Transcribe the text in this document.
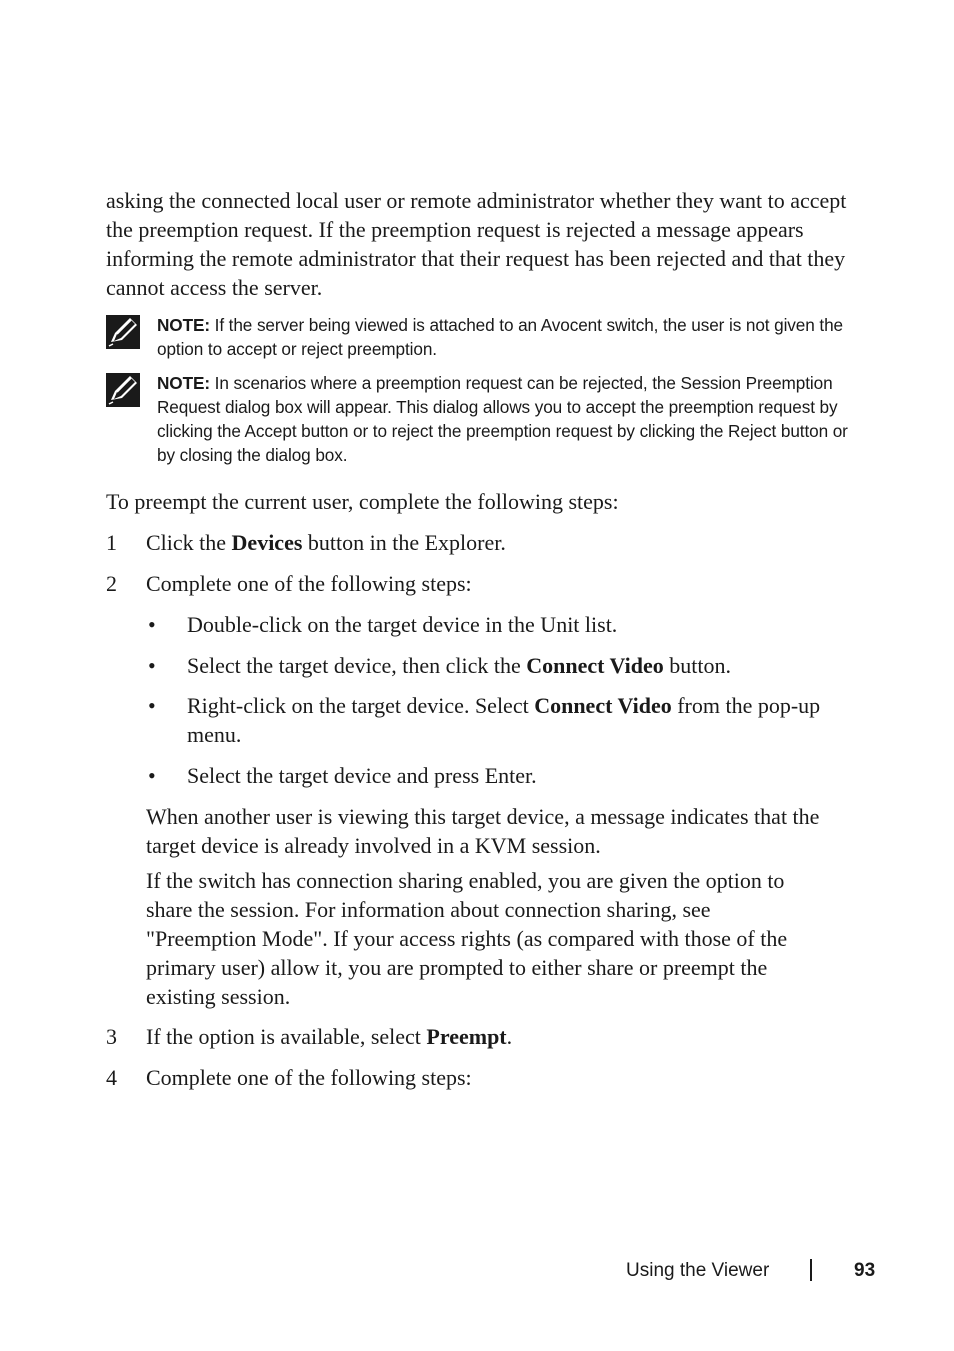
asking the connected local user or remote administrator whether they want to accept the preemption request. If the preemption request is rejected a message appears informing the remote administrator that their request has been rejected and that they cannot access the server.

NOTE: If the server being viewed is attached to an Avocent switch, the user is not given the option to accept or reject preemption.

NOTE: In scenarios where a preemption request can be rejected, the Session Preemption Request dialog box will appear. This dialog allows you to accept the preemption request by clicking the Accept button or to reject the preemption request by clicking the Reject button or by closing the dialog box.

To preempt the current user, complete the following steps:

1 Click the Devices button in the Explorer.
2 Complete one of the following steps:
• Double-click on the target device in the Unit list.

• Select the target device, then click the Connect Video button.

• Right-click on the target device. Select Connect Video from the pop-up menu.

• Select the target device and press Enter.

When another user is viewing this target device, a message indicates that the target device is already involved in a KVM session.

If the switch has connection sharing enabled, you are given the option to share the session. For information about connection sharing, see "Preemption Mode". If your access rights (as compared with those of the primary user) allow it, you are prompted to either share or preempt the existing session.

3 If the option is available, select Preempt.
4 Complete one of the following steps:
Using the Viewer	93
